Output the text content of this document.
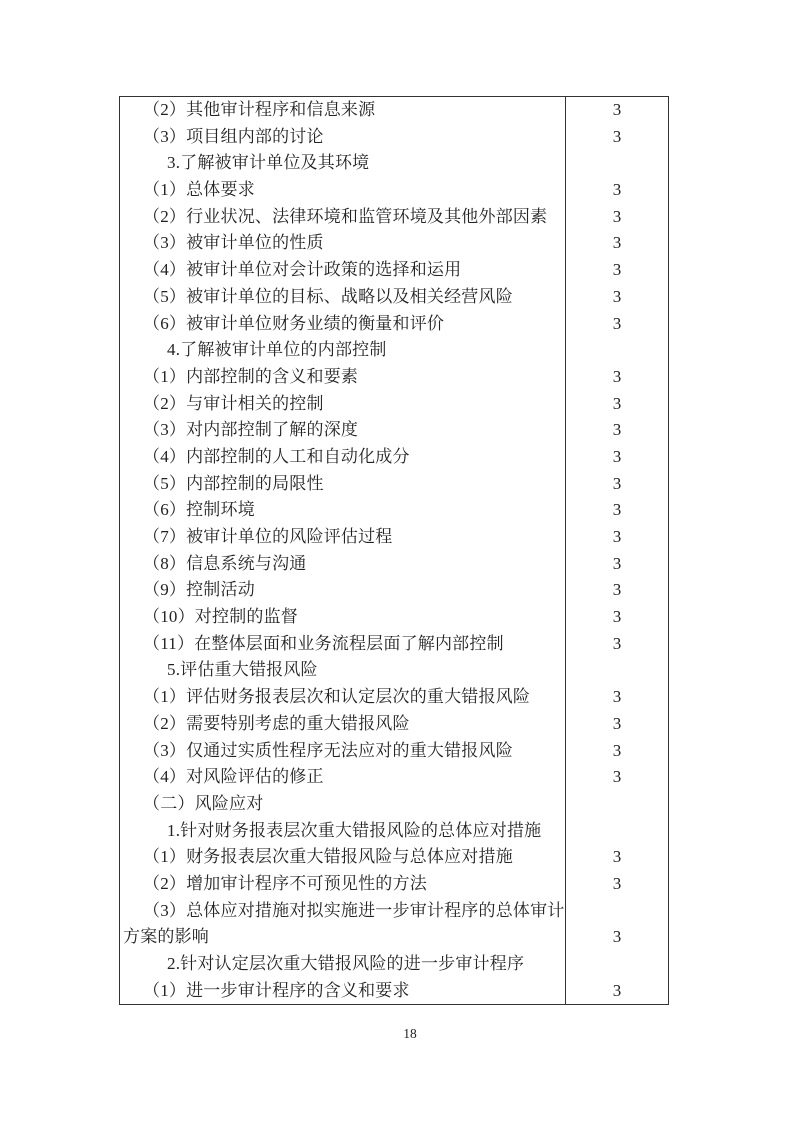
（2）其他审计程序和信息来源	3
（3）项目组内部的讨论	3
3.了解被审计单位及其环境
（1）总体要求	3
（2）行业状况、法律环境和监管环境及其他外部因素	3
（3）被审计单位的性质	3
（4）被审计单位对会计政策的选择和运用	3
（5）被审计单位的目标、战略以及相关经营风险	3
（6）被审计单位财务业绩的衡量和评价	3
4.了解被审计单位的内部控制
（1）内部控制的含义和要素	3
（2）与审计相关的控制	3
（3）对内部控制了解的深度	3
（4）内部控制的人工和自动化成分	3
（5）内部控制的局限性	3
（6）控制环境	3
（7）被审计单位的风险评估过程	3
（8）信息系统与沟通	3
（9）控制活动	3
（10）对控制的监督	3
（11）在整体层面和业务流程层面了解内部控制	3
5.评估重大错报风险
（1）评估财务报表层次和认定层次的重大错报风险	3
（2）需要特别考虑的重大错报风险	3
（3）仅通过实质性程序无法应对的重大错报风险	3
（4）对风险评估的修正	3
（二）风险应对
1.针对财务报表层次重大错报风险的总体应对措施
（1）财务报表层次重大错报风险与总体应对措施	3
（2）增加审计程序不可预见性的方法	3
（3）总体应对措施对拟实施进一步审计程序的总体审计
方案的影响	3
2.针对认定层次重大错报风险的进一步审计程序
（1）进一步审计程序的含义和要求	3
18
